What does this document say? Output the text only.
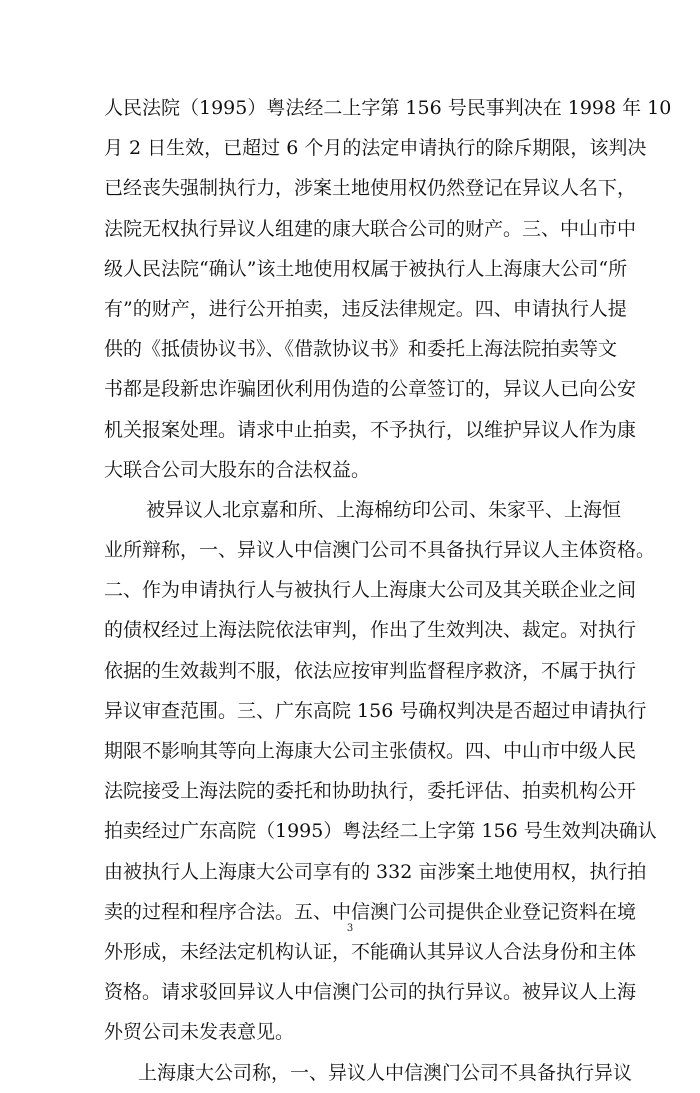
人民法院（1995）粤法经二上字第 156 号民事判决在 1998 年 10
月 2 日生效，已超过 6 个月的法定申请执行的除斥期限，该判决
已经丧失强制执行力，涉案土地使用权仍然登记在异议人名下，
法院无权执行异议人组建的康大联合公司的财产。三、中山市中
级人民法院“确认”该土地使用权属于被执行人上海康大公司“所
有”的财产，进行公开拍卖，违反法律规定。四、申请执行人提
供的《抵债协议书》、《借款协议书》和委托上海法院拍卖等文
书都是段新忠诈骗团伙利用伪造的公章签订的，异议人已向公安
机关报案处理。请求中止拍卖，不予执行，以维护异议人作为康
大联合公司大股东的合法权益。
被异议人北京嘉和所、上海棉纺印公司、朱家平、上海恒
业所辩称，一、异议人中信澳门公司不具备执行异议人主体资格。
二、作为申请执行人与被执行人上海康大公司及其关联企业之间
的债权经过上海法院依法审判，作出了生效判决、裁定。对执行
依据的生效裁判不服，依法应按审判监督程序救济，不属于执行
异议审查范围。三、广东高院 156 号确权判决是否超过申请执行
期限不影响其等向上海康大公司主张债权。四、中山市中级人民
法院接受上海法院的委托和协助执行，委托评估、拍卖机构公开
拍卖经过广东高院（1995）粤法经二上字第 156 号生效判决确认
由被执行人上海康大公司享有的 332 亩涉案土地使用权，执行拍
卖的过程和程序合法。五、中信澳门公司提供企业登记资料在境
外形成，未经法定机构认证，不能确认其异议人合法身份和主体
资格。请求驳回异议人中信澳门公司的执行异议。被异议人上海
外贸公司未发表意见。
上海康大公司称，一、异议人中信澳门公司不具备执行异议
3
